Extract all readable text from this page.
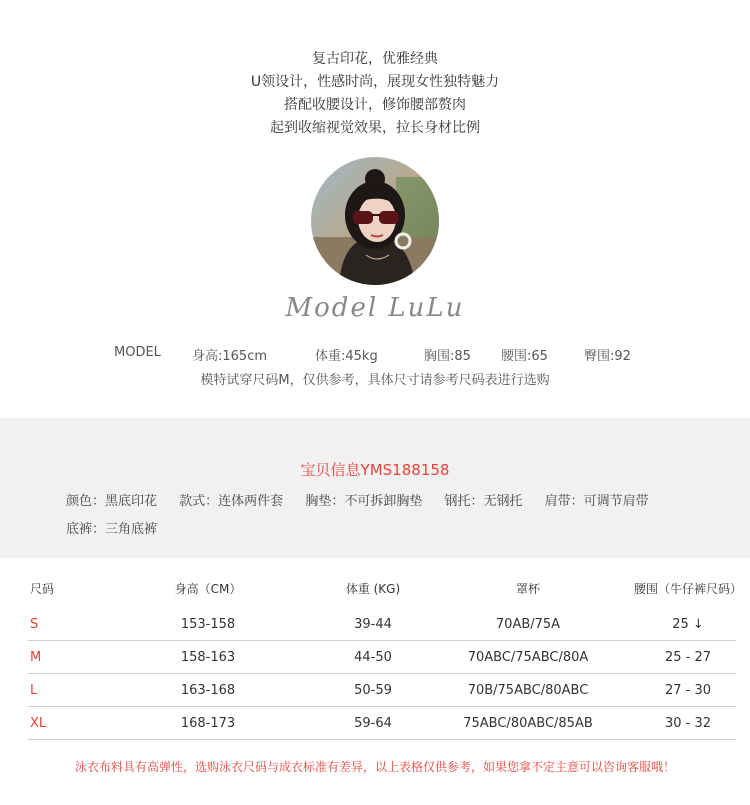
复古印花，优雅经典
U领设计，性感时尚，展现女性独特魅力
搭配收腰设计，修饰腰部赘肉
起到收缩视觉效果，拉长身材比例
Model LuLu
MODEL 身高:165cm	体重:45kg	胸围:85 腰围:65	臀围:92
模特试穿尺码M，仅供参考，具体尺寸请参考尺码表进行选购
宝贝信息YMS188158
颜色：黑底印花 款式：连体两件套 胸垫：不可拆卸胸垫 钢托：无钢托 肩带：可调节肩带
底裤：三角底裤
尺码	身高（CM）	体重 (KG)	罩杯	腰围（牛仔裤尺码）
S	153-158	39-44	70AB/75A	25 ↓
M	158-163	44-50	70ABC/75ABC/80A	25 - 27
L	163-168	50-59	70B/75ABC/80ABC	27 - 30
XL	168-173	59-64	75ABC/80ABC/85AB	30 - 32
泳衣布料具有高弹性，选购泳衣尺码与成衣标准有差异，以上表格仅供参考，如果您拿不定主意可以咨询客服哦！
